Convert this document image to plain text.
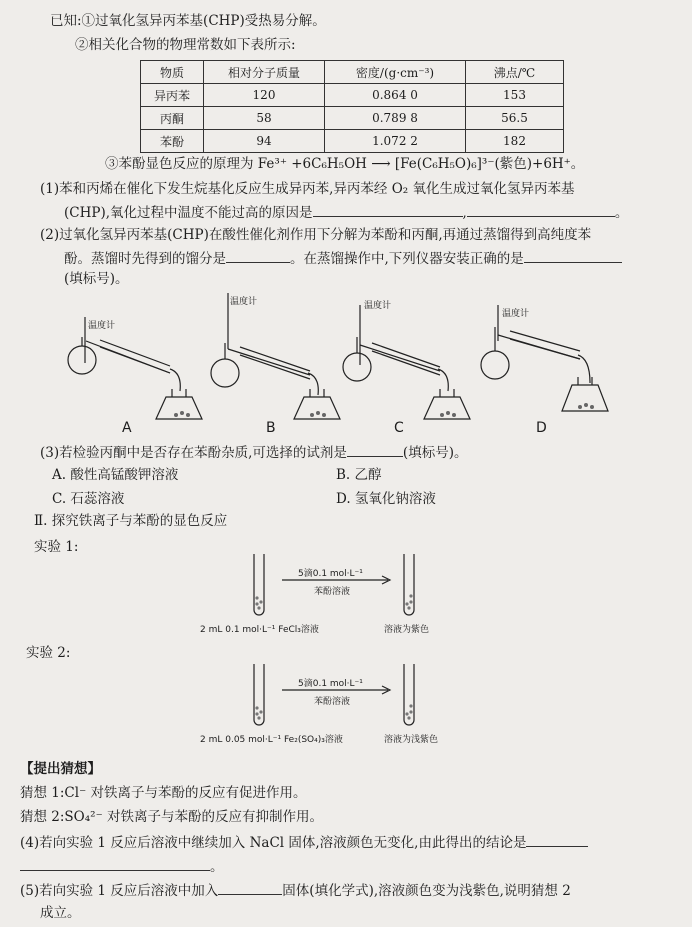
已知:①过氧化氢异丙苯基(CHP)受热易分解。
②相关化合物的物理常数如下表所示:
物质	相对分子质量	密度/(g·cm⁻³)	沸点/℃
异丙苯	120	0.864 0	153
丙酮	58	0.789 8	56.5
苯酚	94	1.072 2	182
③苯酚显色反应的原理为 Fe³⁺ +6C₆H₅OH ⟶ [Fe(C₆H₅O)₆]³⁻(紫色)+6H⁺。
(1)苯和丙烯在催化下发生烷基化反应生成异丙苯,异丙苯经 O₂ 氧化生成过氧化氢异丙苯基
(CHP),氧化过程中温度不能过高的原因是	,	。
(2)过氧化氢异丙苯基(CHP)在酸性催化剂作用下分解为苯酚和丙酮,再通过蒸馏得到高纯度苯
酚。蒸馏时先得到的馏分是	。在蒸馏操作中,下列仪器安装正确的是
(填标号)。
温度计
温度计	温度计
温度计
A	B	C	D
(3)若检验丙酮中是否存在苯酚杂质,可选择的试剂是	(填标号)。
A. 酸性高锰酸钾溶液	B. 乙醇
C. 石蕊溶液	D. 氢氧化钠溶液
Ⅱ. 探究铁离子与苯酚的显色反应
实验 1:
5滴0.1 mol·L⁻¹
苯酚溶液
2 mL 0.1 mol·L⁻¹ FeCl₃溶液	溶液为紫色
实验 2:
5滴0.1 mol·L⁻¹
苯酚溶液
2 mL 0.05 mol·L⁻¹ Fe₂(SO₄)₃溶液	溶液为浅紫色
【提出猜想】
猜想 1:Cl⁻ 对铁离子与苯酚的反应有促进作用。
猜想 2:SO₄²⁻ 对铁离子与苯酚的反应有抑制作用。
(4)若向实验 1 反应后溶液中继续加入 NaCl 固体,溶液颜色无变化,由此得出的结论是
。
(5)若向实验 1 反应后溶液中加入	固体(填化学式),溶液颜色变为浅紫色,说明猜想 2
成立。
